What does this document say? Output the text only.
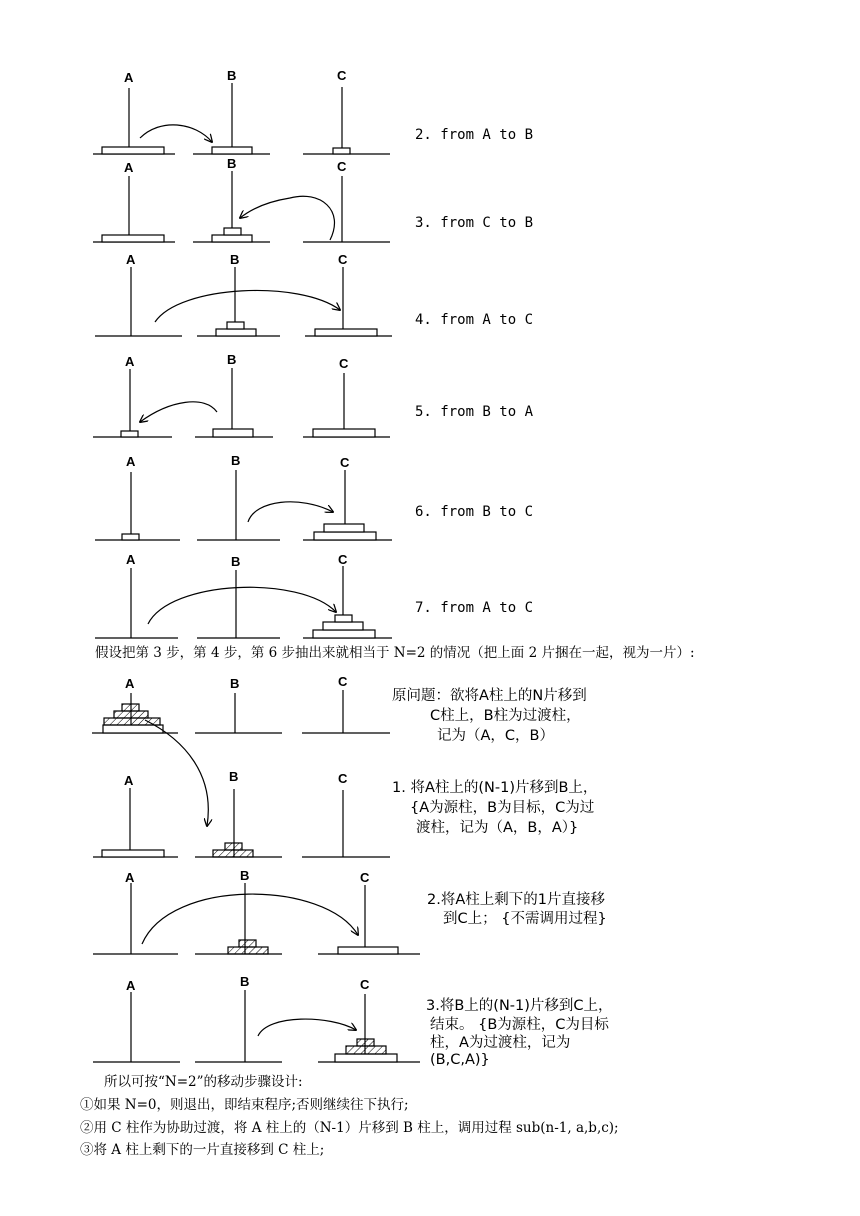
A	B	C
2. from A to B
A	B	C
3. from C to B
A	B	C
4. from A to C
A	B	C
5. from B to A
A	B	C
6. from B to C
A	B	C
7. from A to C
A	B	C
原问题：欲将A柱上的N片移到
C柱上，B柱为过渡柱，
记为（A，C，B）
A	B	C
1. 将A柱上的(N-1)片移到B上，
{A为源柱，B为目标，C为过
渡柱，记为（A，B，A）}
A	B	C
2.将A柱上剩下的1片直接移
到C上； {不需调用过程}
A	B	C
3.将B上的(N-1)片移到C上，
结束。 {B为源柱，C为目标
柱，A为过渡柱，记为
(B,C,A)}
假设把第 3 步，第 4 步，第 6 步抽出来就相当于 N=2 的情况（把上面 2 片捆在一起，视为一片）:
所以可按“N=2”的移动步骤设计:
①如果 N=0，则退出，即结束程序;否则继续往下执行;
②用 C 柱作为协助过渡，将 A 柱上的（N-1）片移到 B 柱上，调用过程 sub(n-1, a,b,c);
③将 A 柱上剩下的一片直接移到 C 柱上;
